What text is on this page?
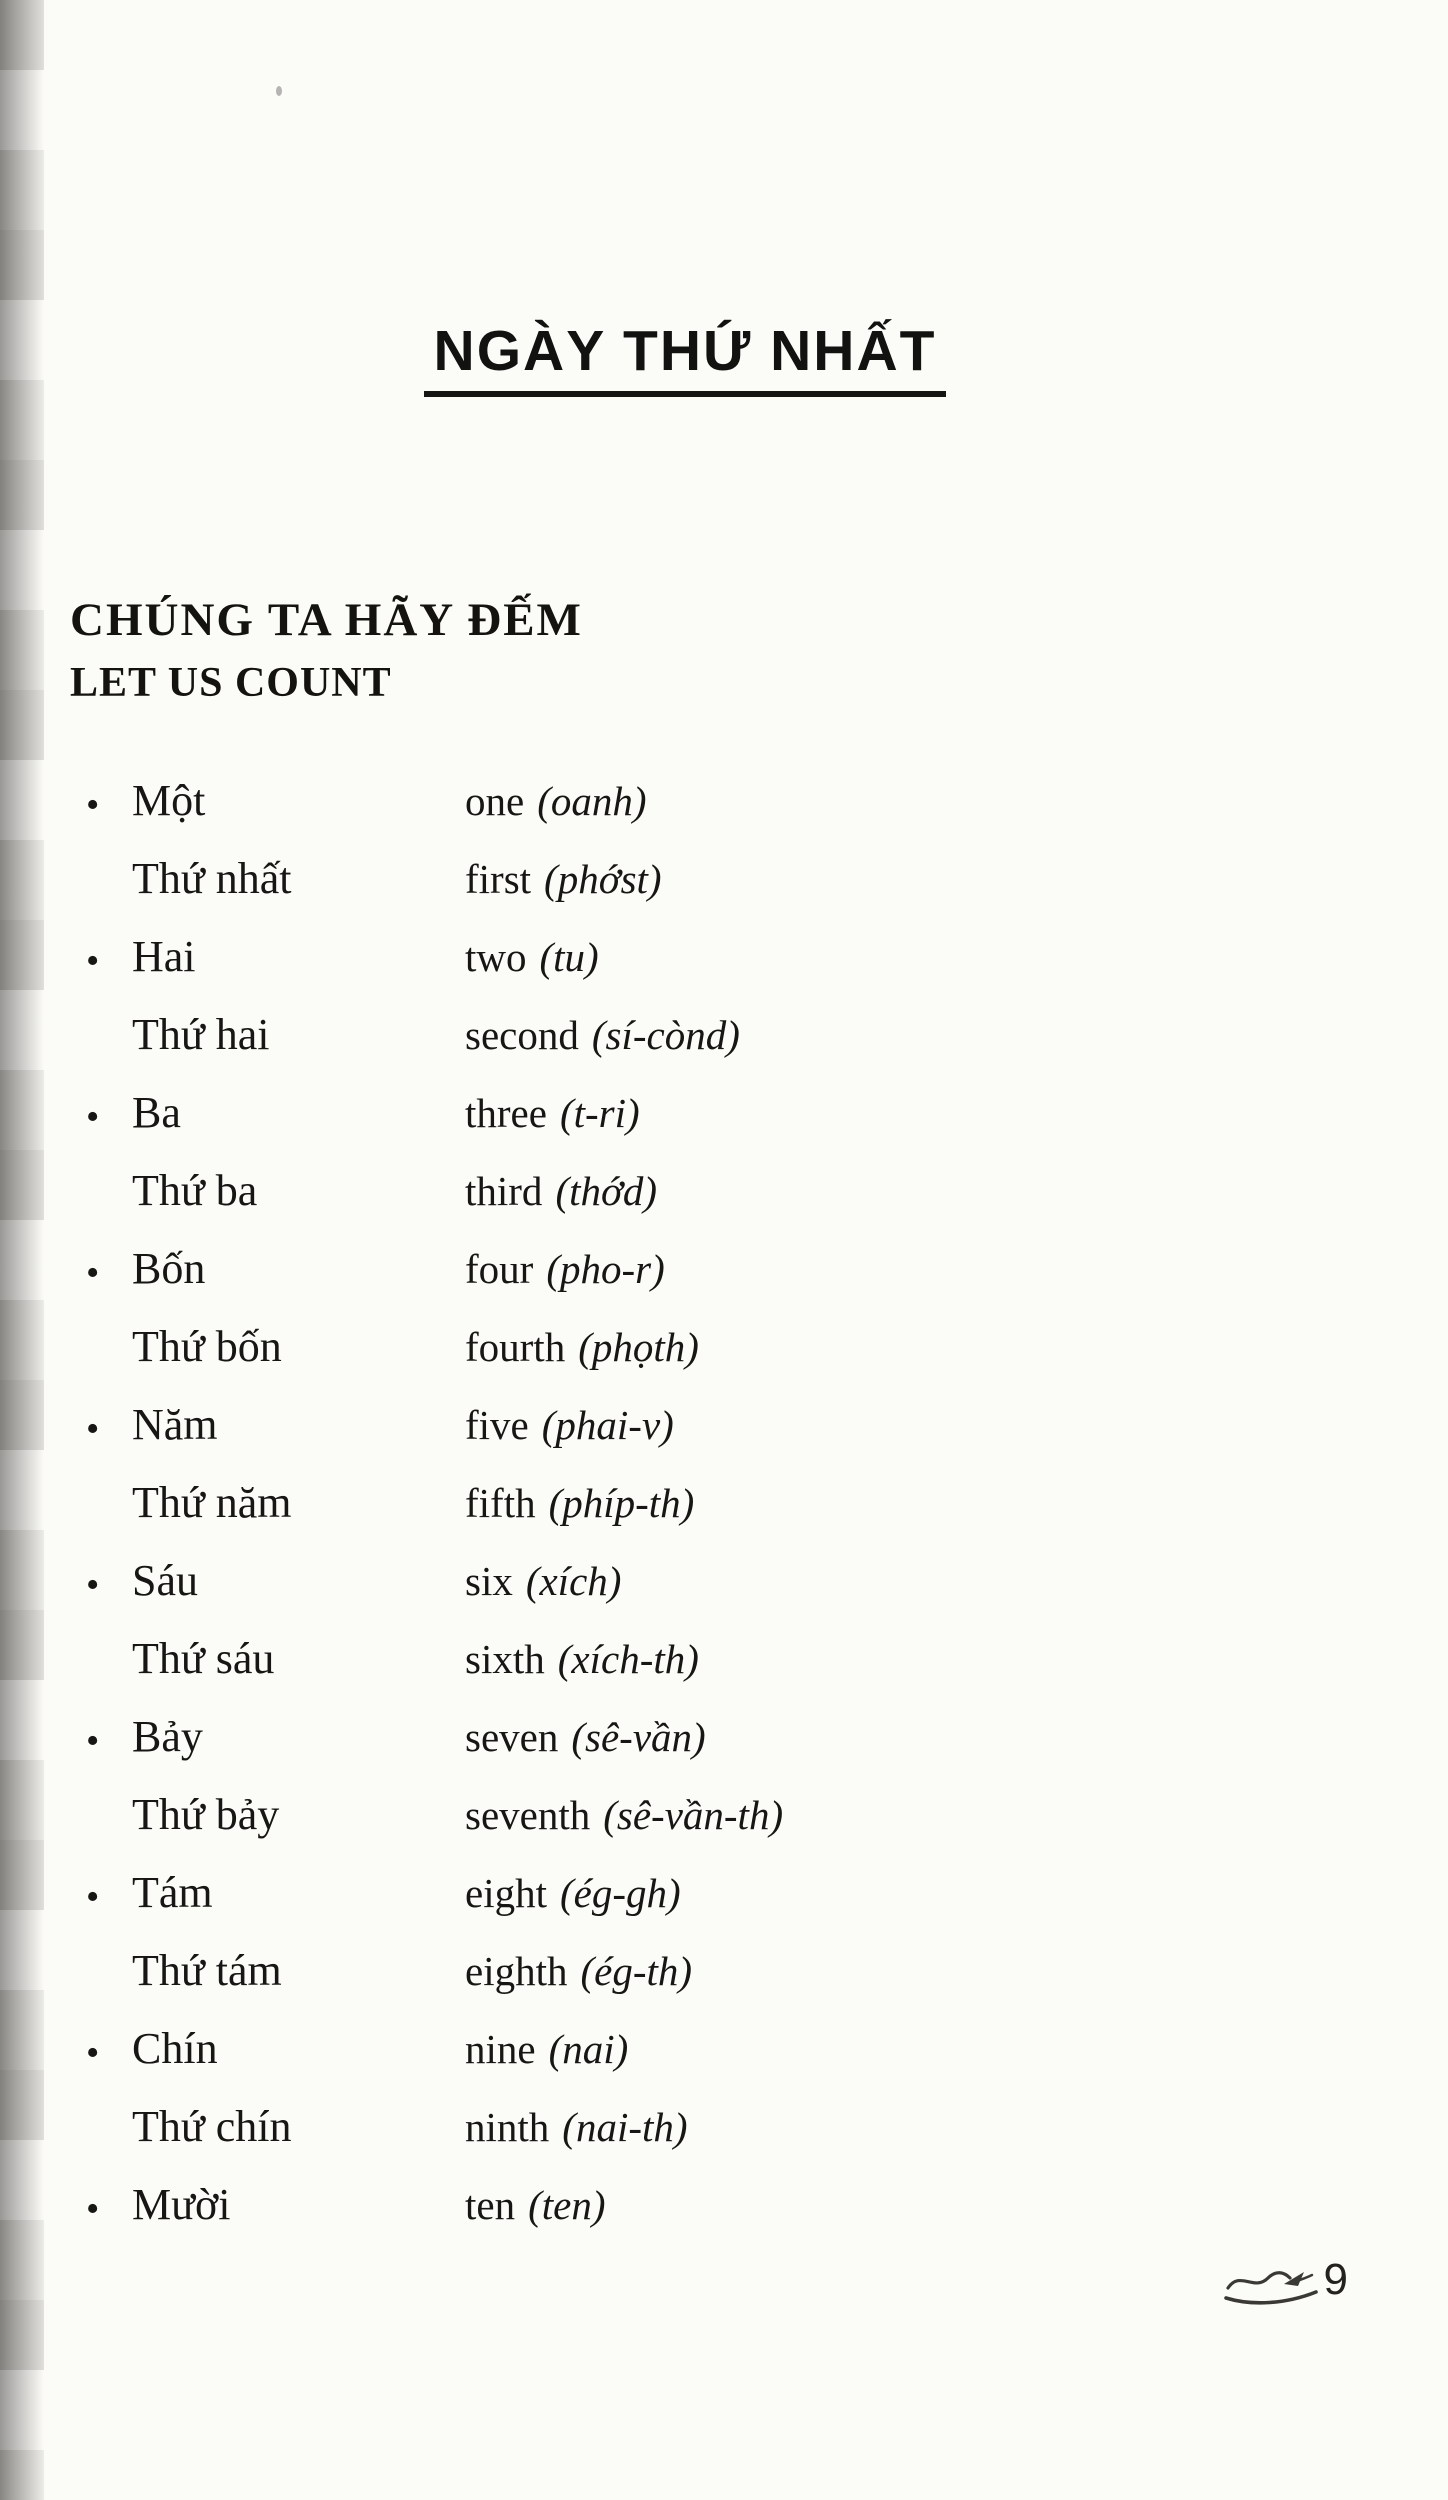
NGÀY THỨ NHẤT
CHÚNG TA HÃY ĐẾM
LET US COUNT
• Một	one (oanh)
Thứ nhất	first (phớst)
• Hai	two (tu)
Thứ hai	second (sí-cònd)
• Ba	three (t-ri)
Thứ ba	third (thớd)
• Bốn	four (pho-r)
Thứ bốn	fourth (phọth)
• Năm	five (phai-v)
Thứ năm	fifth (phíp-th)
• Sáu	six (xích)
Thứ sáu	sixth (xích-th)
• Bảy	seven (sê-vần)
Thứ bảy	seventh (sê-vần-th)
• Tám	eight (ég-gh)
Thứ tám	eighth (ég-th)
• Chín	nine (nai)
Thứ chín	ninth (nai-th)
• Mười	ten (ten)
9
